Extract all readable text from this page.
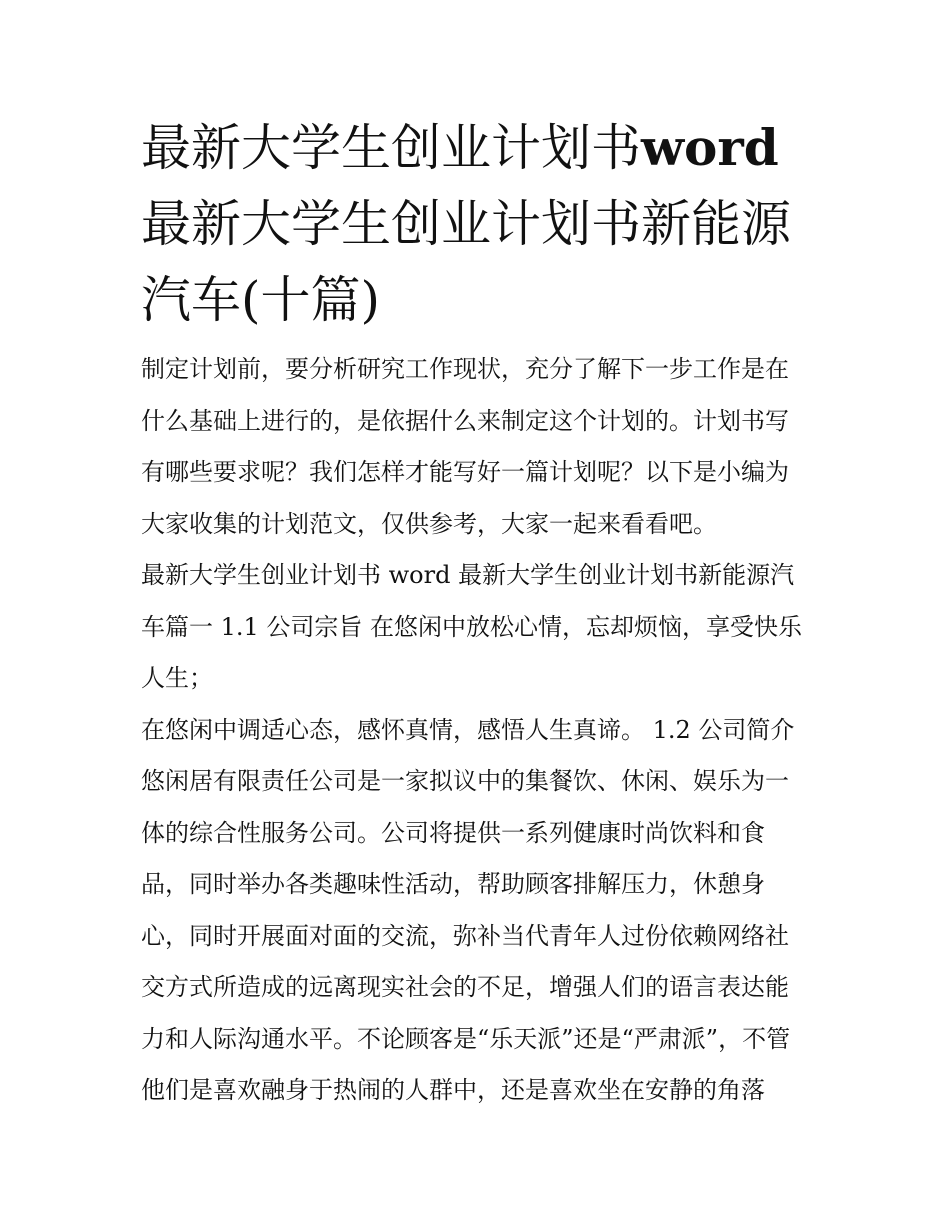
最新大学生创业计划书word
最新大学生创业计划书新能源
汽车(十篇)
制定计划前，要分析研究工作现状，充分了解下一步工作是在
什么基础上进行的，是依据什么来制定这个计划的。计划书写
有哪些要求呢？我们怎样才能写好一篇计划呢？以下是小编为
大家收集的计划范文，仅供参考，大家一起来看看吧。
最新大学生创业计划书 word 最新大学生创业计划书新能源汽
车篇一 1.1 公司宗旨 在悠闲中放松心情，忘却烦恼，享受快乐
人生；
在悠闲中调适心态，感怀真情，感悟人生真谛。 1.2 公司简介
悠闲居有限责任公司是一家拟议中的集餐饮、休闲、娱乐为一
体的综合性服务公司。公司将提供一系列健康时尚饮料和食
品，同时举办各类趣味性活动，帮助顾客排解压力，休憩身
心，同时开展面对面的交流，弥补当代青年人过份依赖网络社
交方式所造成的远离现实社会的不足，增强人们的语言表达能
力和人际沟通水平。不论顾客是“乐天派”还是“严肃派”，不管
他们是喜欢融身于热闹的人群中，还是喜欢坐在安静的角落
